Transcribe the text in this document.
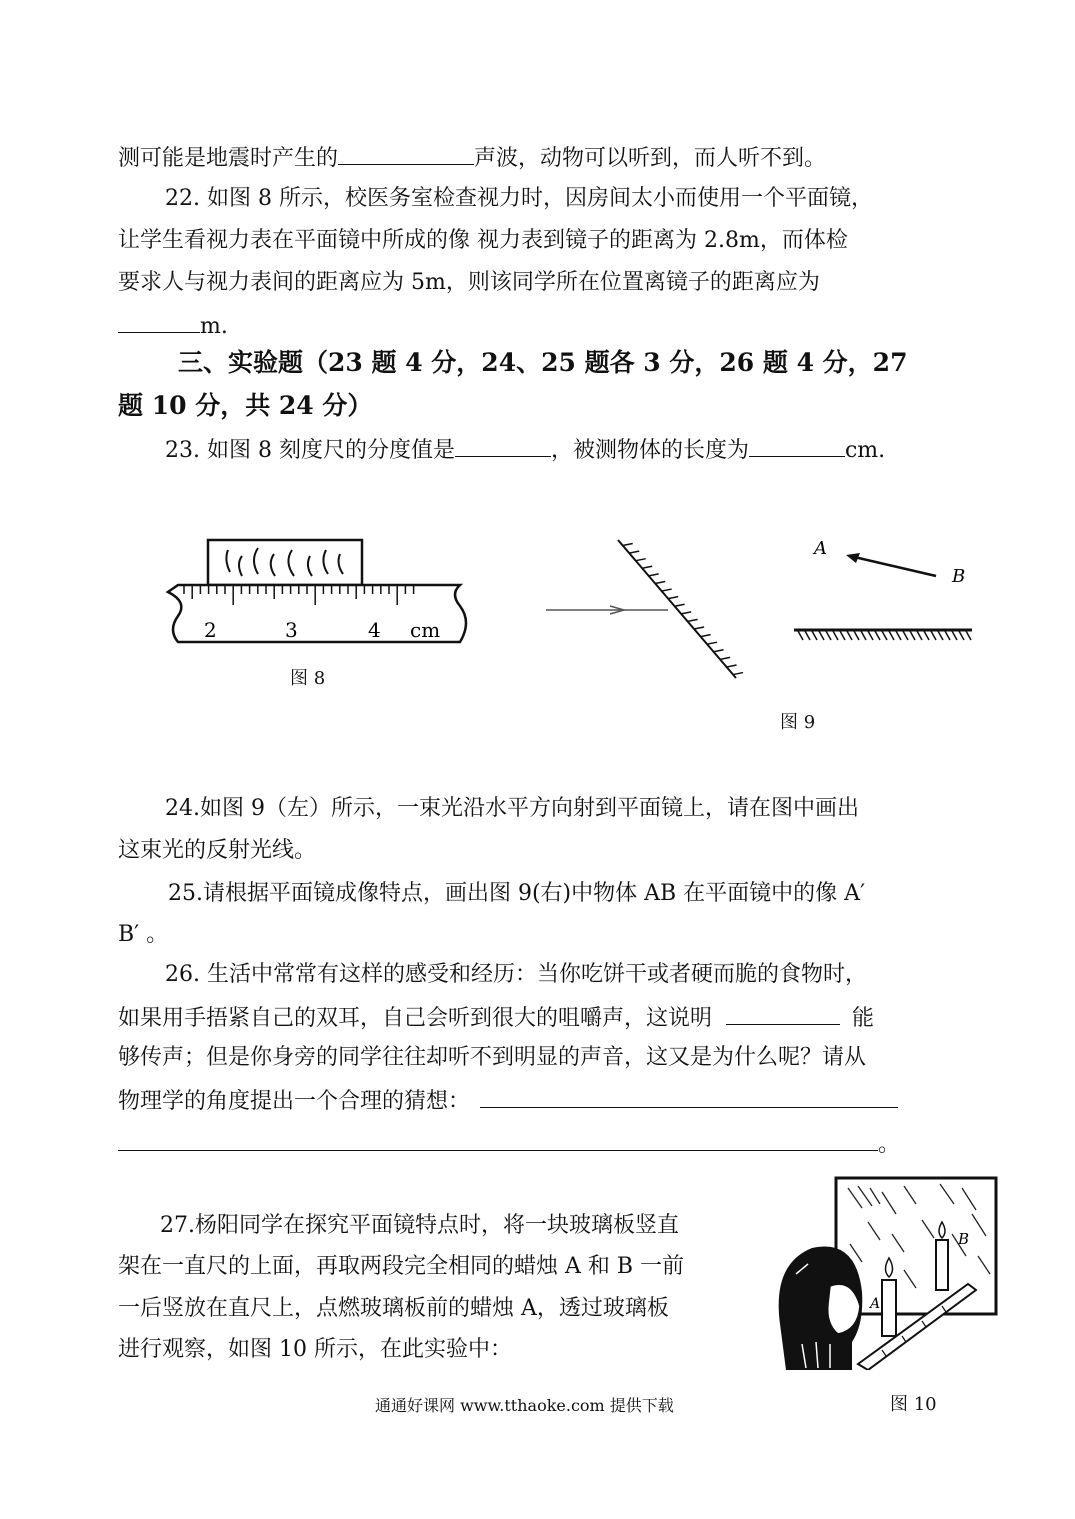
测可能是地震时产生的	声波，动物可以听到，而人听不到。
22. 如图 8 所示，校医务室检查视力时，因房间太小而使用一个平面镜，
让学生看视力表在平面镜中所成的像 视力表到镜子的距离为 2.8m，而体检
要求人与视力表间的距离应为 5m，则该同学所在位置离镜子的距离应为
m.
三、实验题（23 题 4 分，24、25 题各 3 分，26 题 4 分，27
题 10 分，共 24 分）
23. 如图 8 刻度尺的分度值是	，被测物体的长度为	cm.
2	3	4 cm
图 8
A
B
图 9
24.如图 9（左）所示，一束光沿水平方向射到平面镜上，请在图中画出
这束光的反射光线。
25.请根据平面镜成像特点，画出图 9(右)中物体 AB 在平面镜中的像 A′
B′ 。
26. 生活中常常有这样的感受和经历：当你吃饼干或者硬而脆的食物时，
如果用手捂紧自己的双耳，自己会听到很大的咀嚼声，这说明	能
够传声；但是你身旁的同学往往却听不到明显的声音，这又是为什么呢？请从
物理学的角度提出一个合理的猜想：
。
27.杨阳同学在探究平面镜特点时，将一块玻璃板竖直
架在一直尺的上面，再取两段完全相同的蜡烛 A 和 B 一前
一后竖放在直尺上，点燃玻璃板前的蜡烛 A，透过玻璃板
进行观察，如图 10 所示，在此实验中：
B
A
通通好课网 www.tthaoke.com 提供下载	图 10
